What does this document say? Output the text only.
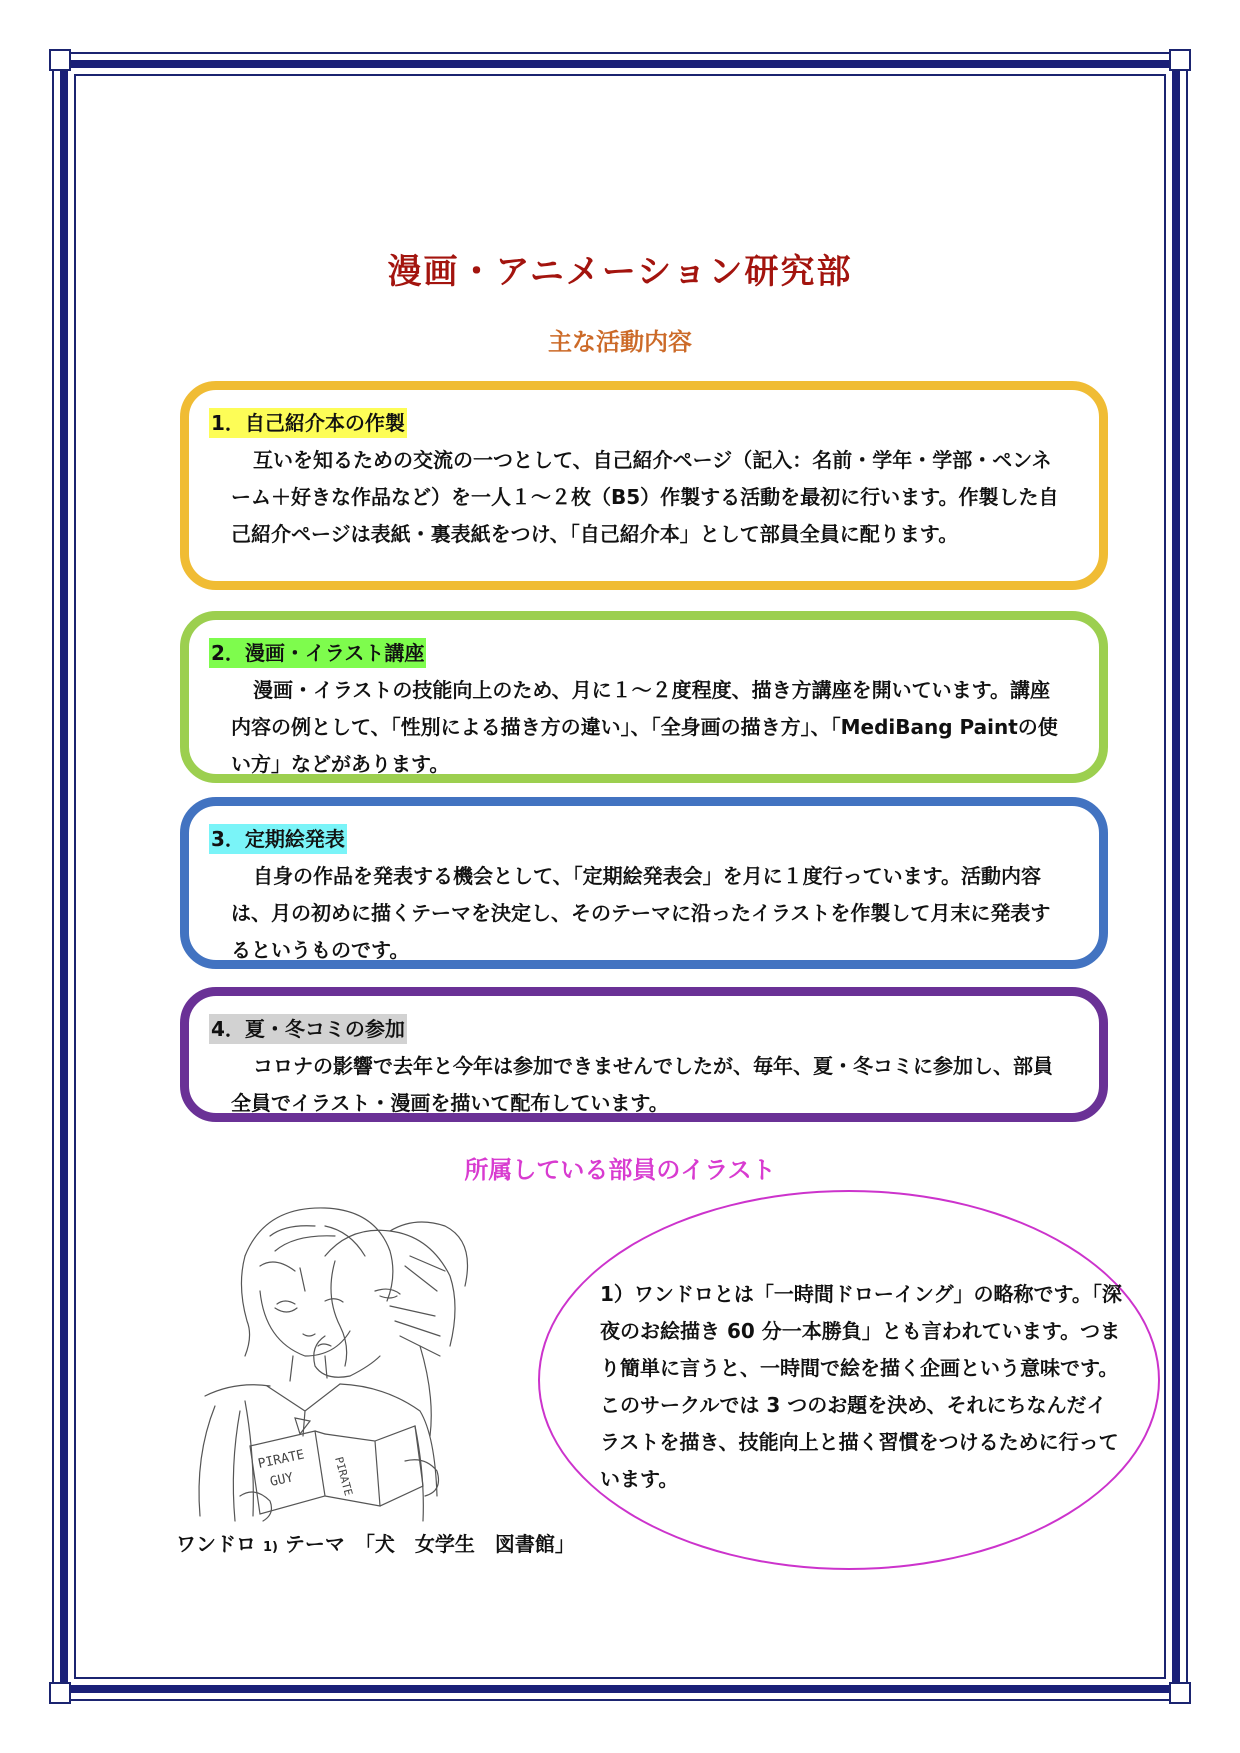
漫画・アニメーション研究部
主な活動内容
1．自己紹介本の作製
互いを知るための交流の一つとして、自己紹介ページ（記入：名前・学年・学部・ペンネーム＋好きな作品など）を一人１～２枚（B5）作製する活動を最初に行います。作製した自己紹介ページは表紙・裏表紙をつけ、「自己紹介本」として部員全員に配ります。
2．漫画・イラスト講座
漫画・イラストの技能向上のため、月に１～２度程度、描き方講座を開いています。講座内容の例として、「性別による描き方の違い」、「全身画の描き方」、「MediBang Paintの使い方」などがあります。
3．定期絵発表
自身の作品を発表する機会として、「定期絵発表会」を月に１度行っています。活動内容は、月の初めに描くテーマを決定し、そのテーマに沿ったイラストを作製して月末に発表するというものです。
4．夏・冬コミの参加
コロナの影響で去年と今年は参加できませんでしたが、毎年、夏・冬コミに参加し、部員全員でイラスト・漫画を描いて配布しています。
所属している部員のイラスト
PIRATE
GUY	PIRATE
1）ワンドロとは「一時間ドローイング」の略称です。「深夜のお絵描き 60 分一本勝負」とも言われています。つまり簡単に言うと、一時間で絵を描く企画という意味です。このサークルでは 3 つのお題を決め、それにちなんだイラストを描き、技能向上と描く習慣をつけるために行っています。
ワンドロ 1) テーマ　「犬　女学生　図書館」
